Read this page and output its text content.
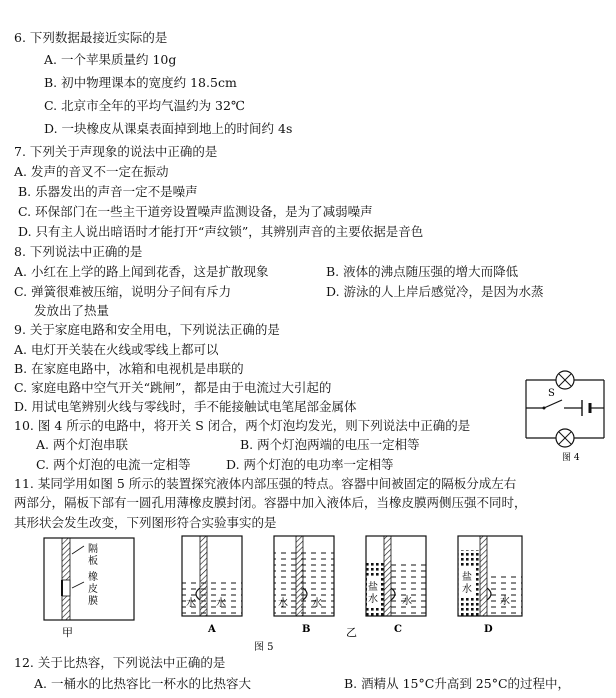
6. 下列数据最接近实际的是
A. 一个苹果质量约 10g
B. 初中物理课本的宽度约 18.5cm
C. 北京市全年的平均气温约为 32℃
D. 一块橡皮从课桌表面掉到地上的时间约 4s
7. 下列关于声现象的说法中正确的是
A. 发声的音叉不一定在振动
B. 乐器发出的声音一定不是噪声
C. 环保部门在一些主干道旁设置噪声监测设备，是为了减弱噪声
D. 只有主人说出暗语时才能打开“声纹锁”，其辨别声音的主要依据是音色
8. 下列说法中正确的是
A. 小红在上学的路上闻到花香，这是扩散现象	B. 液体的沸点随压强的增大而降低
C. 弹簧很难被压缩，说明分子间有斥力	D. 游泳的人上岸后感觉冷，是因为水蒸
发放出了热量
9. 关于家庭电路和安全用电，下列说法正确的是
A. 电灯开关装在火线或零线上都可以
B. 在家庭电路中，冰箱和电视机是串联的
C. 家庭电路中空气开关“跳闸”，都是由于电流过大引起的
D. 用试电笔辨别火线与零线时，手不能接触试电笔尾部金属体
10. 图 4 所示的电路中，将开关 S 闭合，两个灯泡均发光，则下列说法中正确的是
A. 两个灯泡串联	B. 两个灯泡两端的电压一定相等
C. 两个灯泡的电流一定相等	D. 两个灯泡的电功率一定相等
S
图 4
11. 某同学用如图 5 所示的装置探究液体内部压强的特点。容器中间被固定的隔板分成左右
两部分，隔板下部有一圆孔用薄橡皮膜封闭。容器中加入液体后，当橡皮膜两侧压强不同时，
其形状会发生改变，下列图形符合实验事实的是
隔
板
橡
皮
膜
甲
水 水
A
水 水
B
盐
水 水
C
盐
水
水
D
乙
图 5
12. 关于比热容，下列说法中正确的是
A. 一桶水的比热容比一杯水的比热容大	B. 酒精从 15°C升高到 25°C的过程中，
